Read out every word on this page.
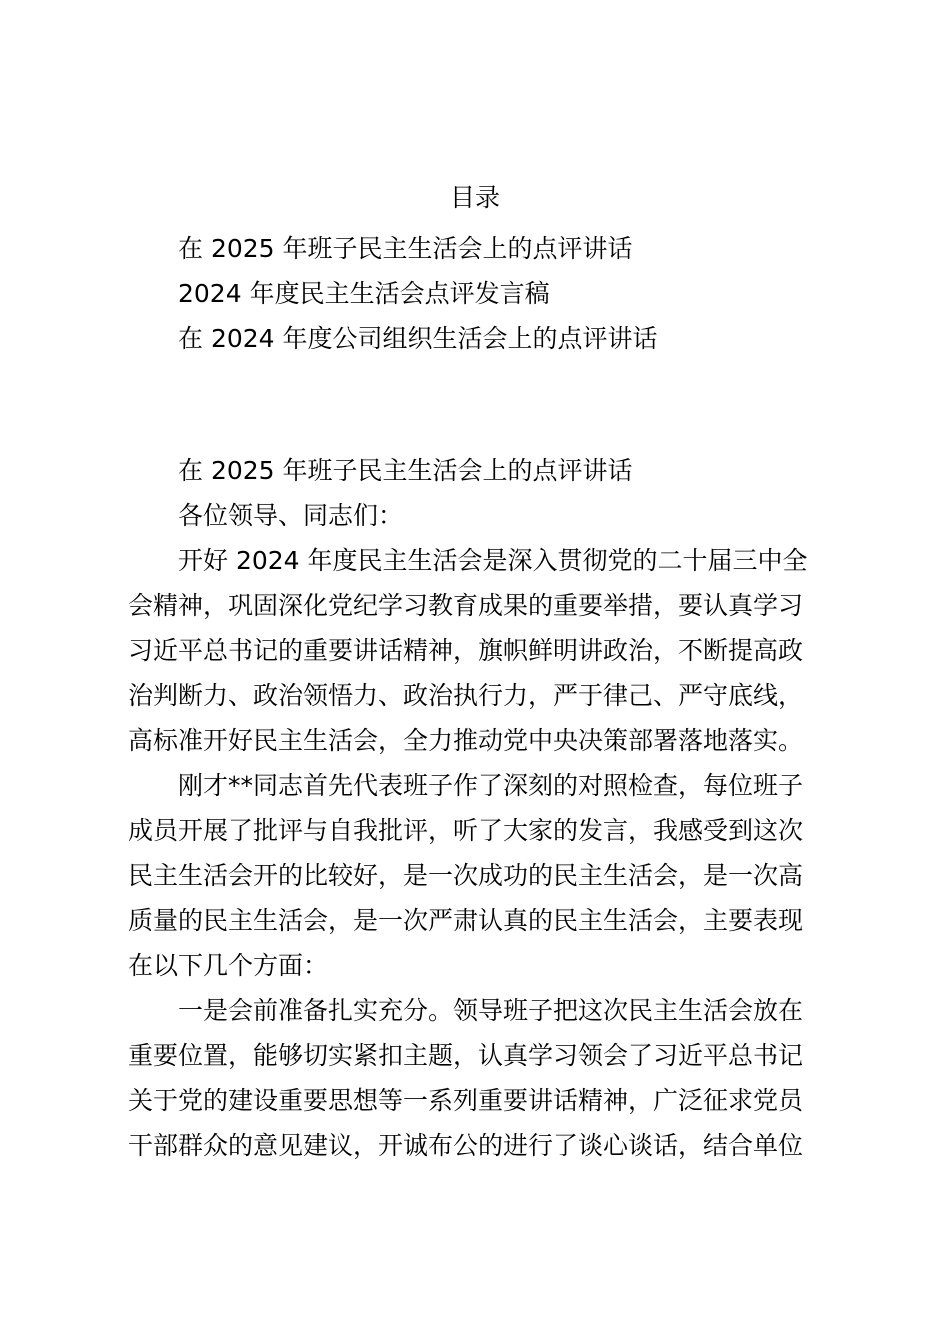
目录
在 2025 年班子民主生活会上的点评讲话
2024 年度民主生活会点评发言稿
在 2024 年度公司组织生活会上的点评讲话
在 2025 年班子民主生活会上的点评讲话
各位领导、同志们：
开好 2024 年度民主生活会是深入贯彻党的二十届三中全
会精神，巩固深化党纪学习教育成果的重要举措，要认真学习
习近平总书记的重要讲话精神，旗帜鲜明讲政治，不断提高政
治判断力、政治领悟力、政治执行力，严于律己、严守底线，
高标准开好民主生活会，全力推动党中央决策部署落地落实。
刚才**同志首先代表班子作了深刻的对照检查，每位班子
成员开展了批评与自我批评，听了大家的发言，我感受到这次
民主生活会开的比较好，是一次成功的民主生活会，是一次高
质量的民主生活会，是一次严肃认真的民主生活会，主要表现
在以下几个方面：
一是会前准备扎实充分。领导班子把这次民主生活会放在
重要位置，能够切实紧扣主题，认真学习领会了习近平总书记
关于党的建设重要思想等一系列重要讲话精神，广泛征求党员
干部群众的意见建议，开诚布公的进行了谈心谈话，结合单位
